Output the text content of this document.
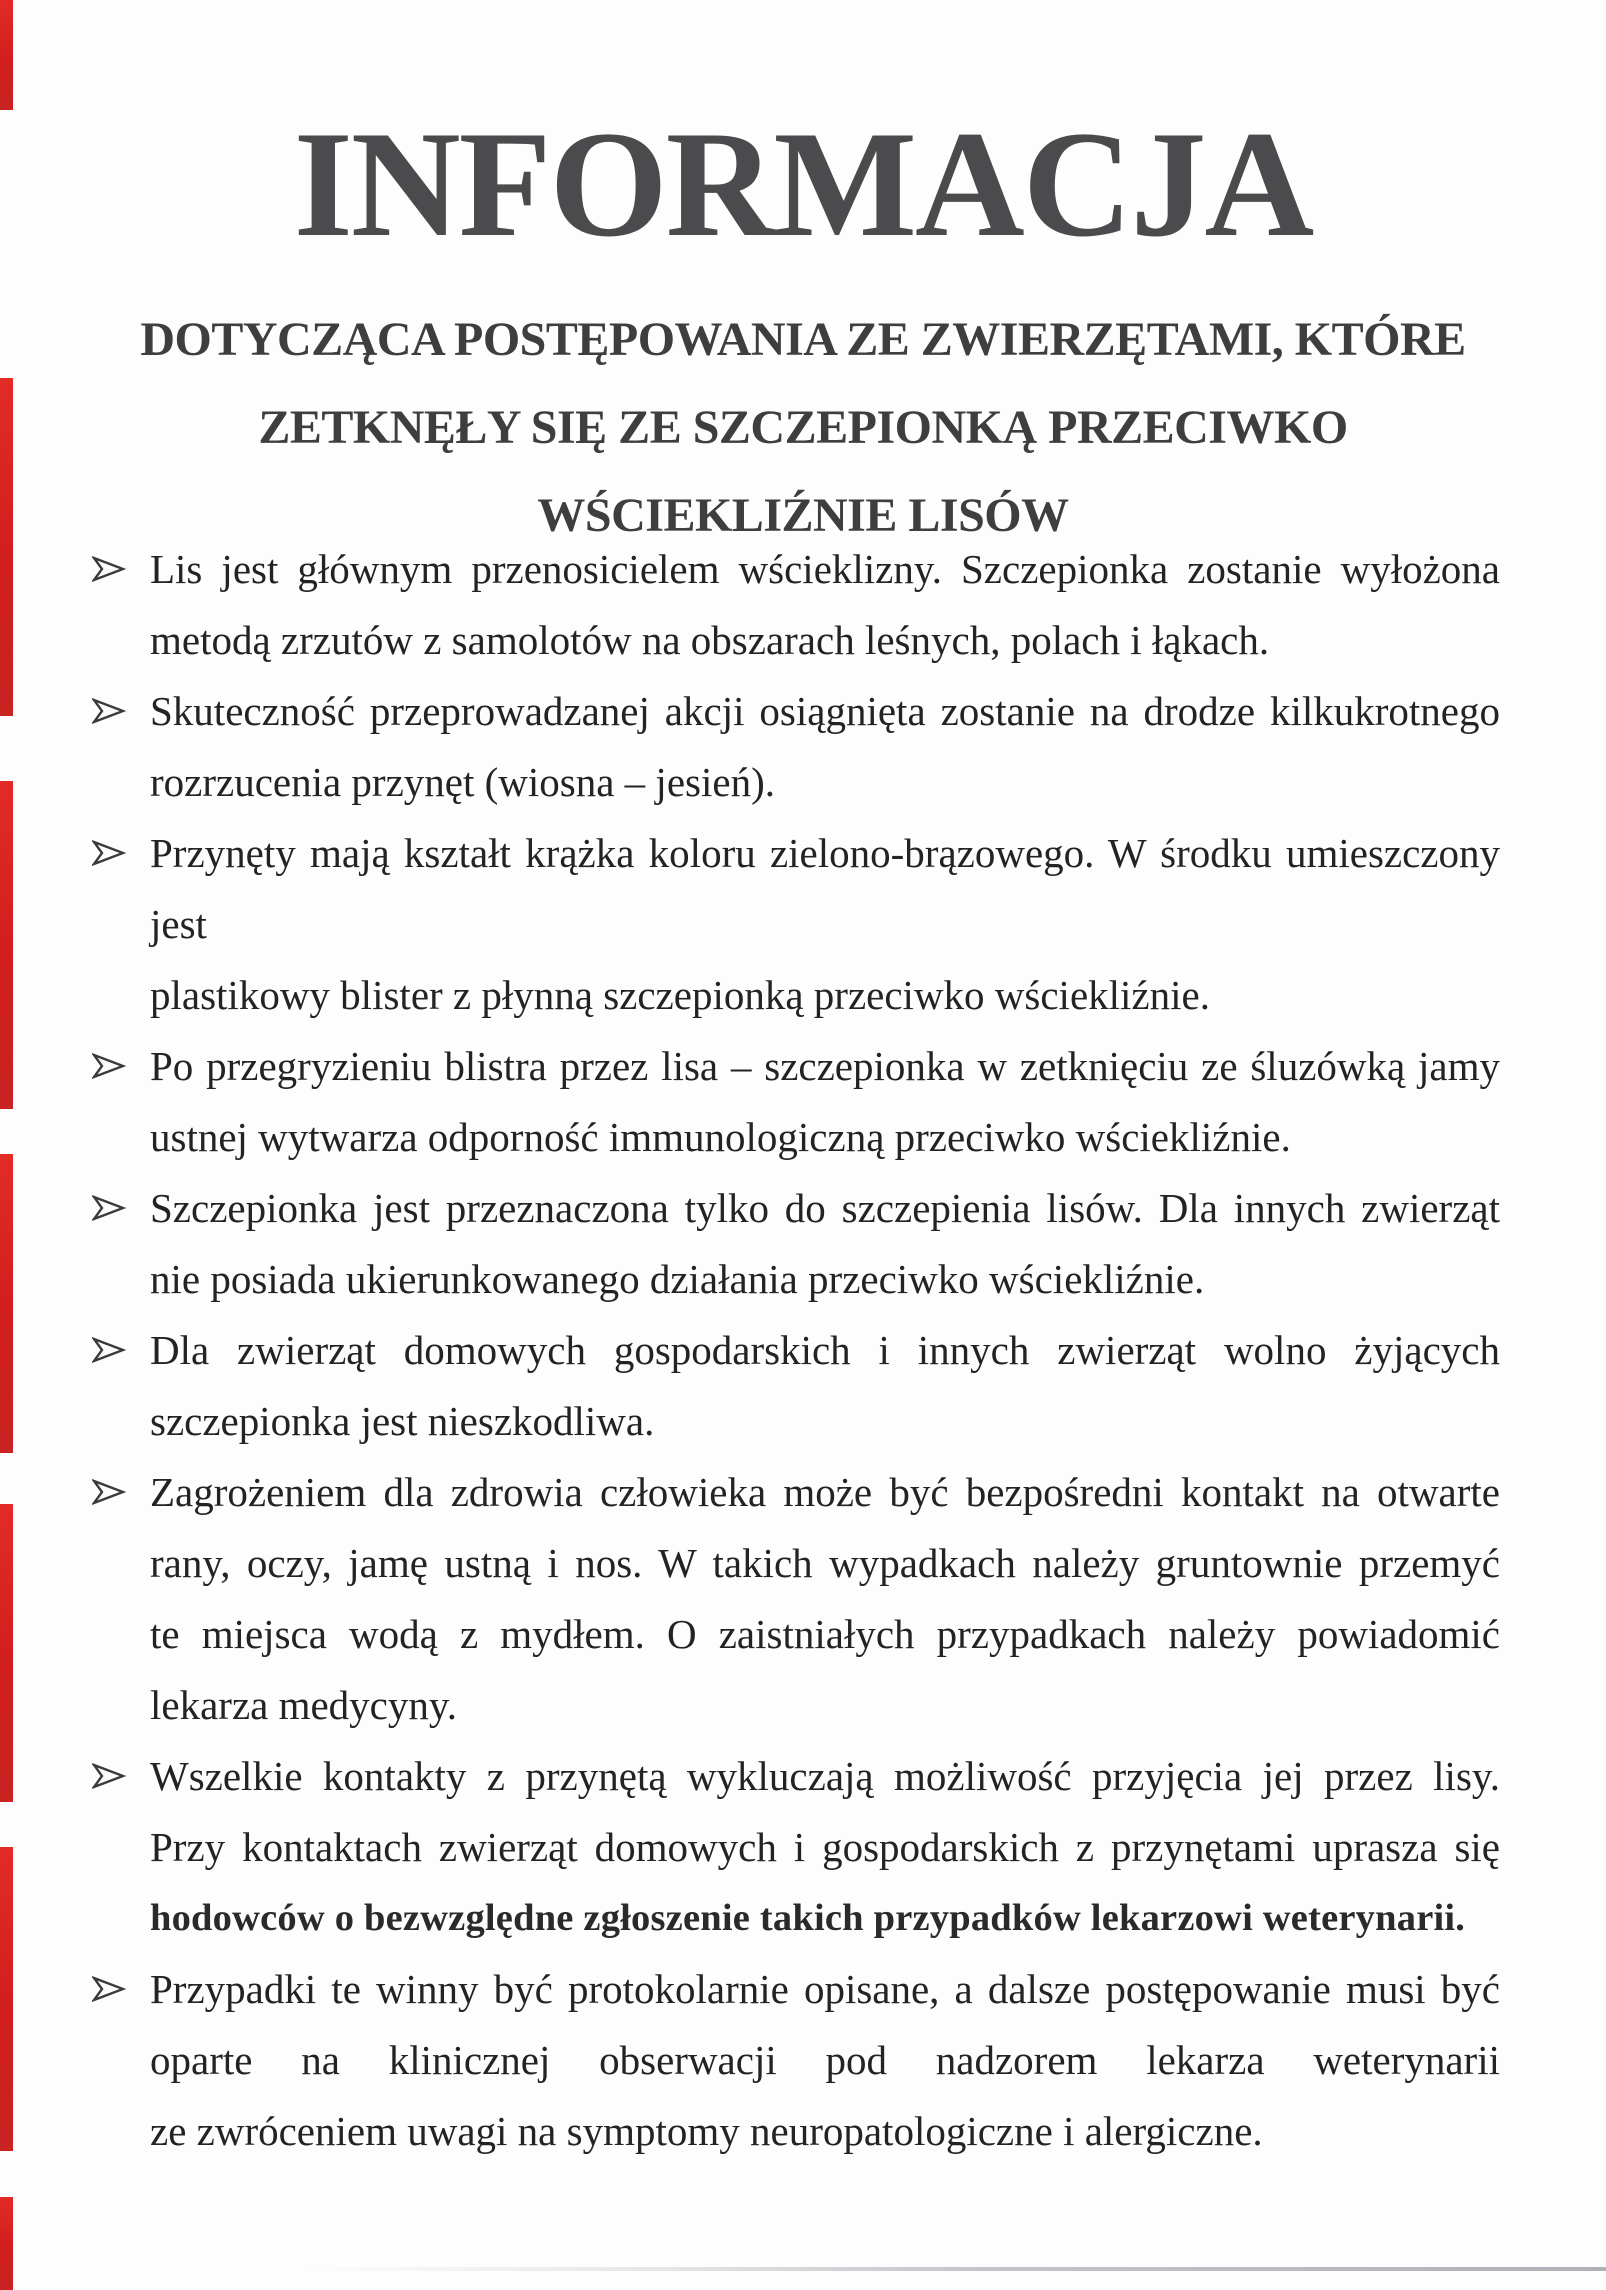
INFORMACJA
DOTYCZĄCA POSTĘPOWANIA ZE ZWIERZĘTAMI, KTÓRE
ZETKNĘŁY SIĘ ZE SZCZEPIONKĄ PRZECIWKO
WŚCIEKLIŹNIE LISÓW
Lis jest głównym przenosicielem wścieklizny. Szczepionka zostanie wyłożona
metodą zrzutów z samolotów na obszarach leśnych, polach i łąkach.
Skuteczność przeprowadzanej akcji osiągnięta zostanie na drodze kilkukrotnego
rozrzucenia przynęt (wiosna – jesień).
Przynęty mają kształt krążka koloru zielono-brązowego. W środku umieszczony jest
plastikowy blister z płynną szczepionką przeciwko wściekliźnie.
Po przegryzieniu blistra przez lisa – szczepionka w zetknięciu ze śluzówką jamy
ustnej wytwarza odporność immunologiczną przeciwko wściekliźnie.
Szczepionka jest przeznaczona tylko do szczepienia lisów. Dla innych zwierząt
nie posiada ukierunkowanego działania przeciwko wściekliźnie.
Dla zwierząt domowych gospodarskich i innych zwierząt wolno żyjących
szczepionka jest nieszkodliwa.
Zagrożeniem dla zdrowia człowieka może być bezpośredni kontakt na otwarte
rany, oczy, jamę ustną i nos. W takich wypadkach należy gruntownie przemyć
te miejsca wodą z mydłem. O zaistniałych przypadkach należy powiadomić
lekarza medycyny.
Wszelkie kontakty z przynętą wykluczają możliwość przyjęcia jej przez lisy.
Przy kontaktach zwierząt domowych i gospodarskich z przynętami uprasza się
hodowców o bezwzględne zgłoszenie takich przypadków lekarzowi weterynarii.
Przypadki te winny być protokolarnie opisane, a dalsze postępowanie musi być
oparte na klinicznej obserwacji pod nadzorem lekarza weterynarii
ze zwróceniem uwagi na symptomy neuropatologiczne i alergiczne.
